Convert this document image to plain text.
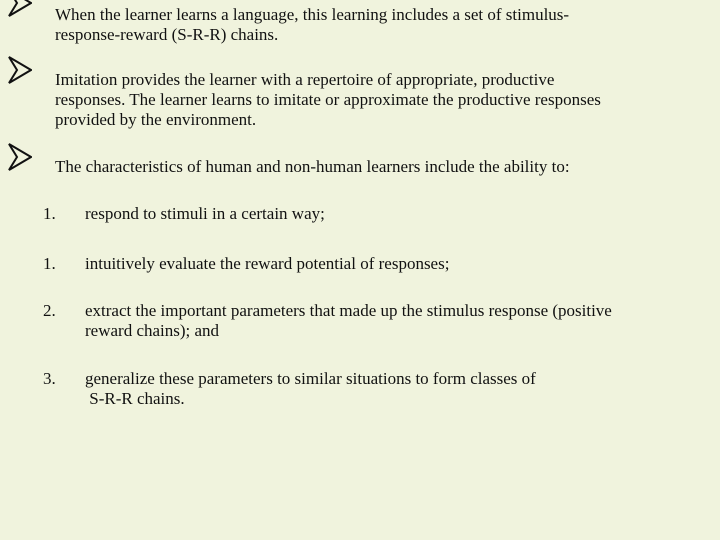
When the learner learns a language, this learning includes a set of stimulus-
response-reward (S-R-R) chains.
Imitation provides the learner with a repertoire of appropriate, productive
responses. The learner learns to imitate or approximate the productive responses
provided by the environment.
The characteristics of human and non-human learners include the ability to:
1. respond to stimuli in a certain way;
1. intuitively evaluate the reward potential of responses;
2. extract the important parameters that made up the stimulus response (positive
reward chains); and
3. generalize these parameters to similar situations to form classes of
S-R-R chains.
